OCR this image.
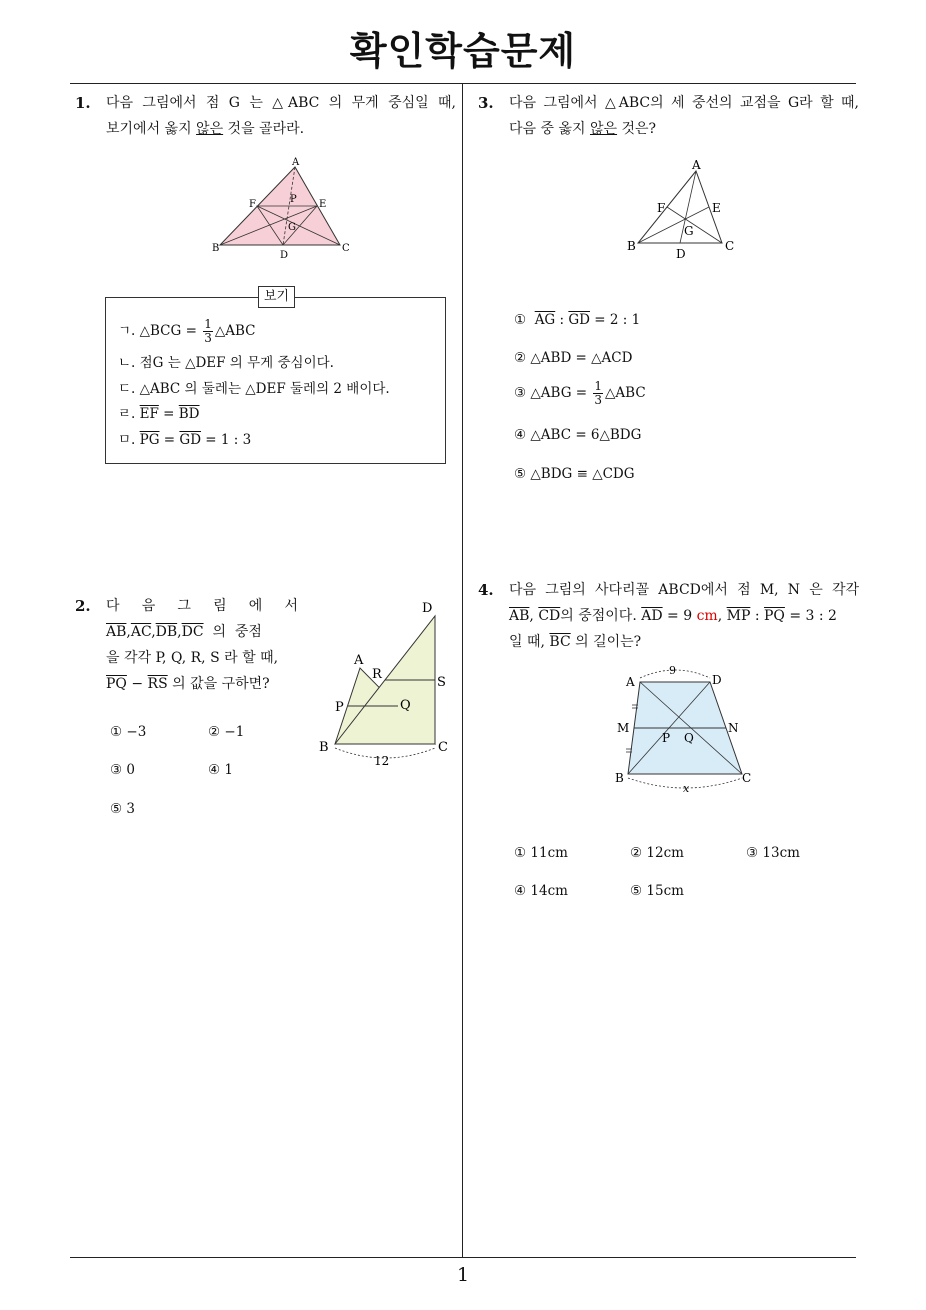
확인학습문제
1
1. 다음 그림에서 점 G 는 △ABC 의 무게 중심일 때,
보기에서 옳지 않은 것을 골라라.
A
B	C
D
E
F
G
P
보기
ㄱ. △BCG = $\frac{1}{3}$ △ABC
ㄴ. 점G 는 △DEF 의 무게 중심이다.
ㄷ. △ABC 의 둘레는 △DEF 둘레의 2 배이다.
ㄹ. $\overline{EF} = \overline{BD}$
ㅁ. $\overline{PG} = \overline{GD} = 1$ : 3
2. 다 음 그 림 에 서
$\overline{AB},\overline{AC},\overline{DB},\overline{DC}$  의  중점
을 각각 P, Q, R, S 라 할 때,
$\overline{PQ} - \overline{RS}$ 의 값을 구하면?
D
A
R
S
P	Q
B	C
12
① −3	② −1
③ 0	④ 1
⑤ 3
3. 다음 그림에서 △ABC의 세 중선의 교점을 G라 할 때,
다음 중 옳지 않은 것은?
A
B	C
D
E
F
G
①  $\overline{AG}$ : $\overline{GD} = 2$ : 1
② △ABD = △ACD
③ △ABG = $\frac{1}{3}$ △ABC
④ △ABC = 6△BDG
⑤ △BDG ≡ △CDG
4. 다음 그림의 사다리꼴 ABCD에서 점 M, N 은 각각
$\overline{AB}$, $\overline{CD}$의 중점이다. $\overline{AD} = 9$ cm, $\overline{MP}$ : $\overline{PQ} = 3$ : 2
일 때, $\overline{BC}$ 의 길이는?
A	D
B	C
M	N
P Q
9
x
① 11cm	② 12cm	③ 13cm
④ 14cm	⑤ 15cm
